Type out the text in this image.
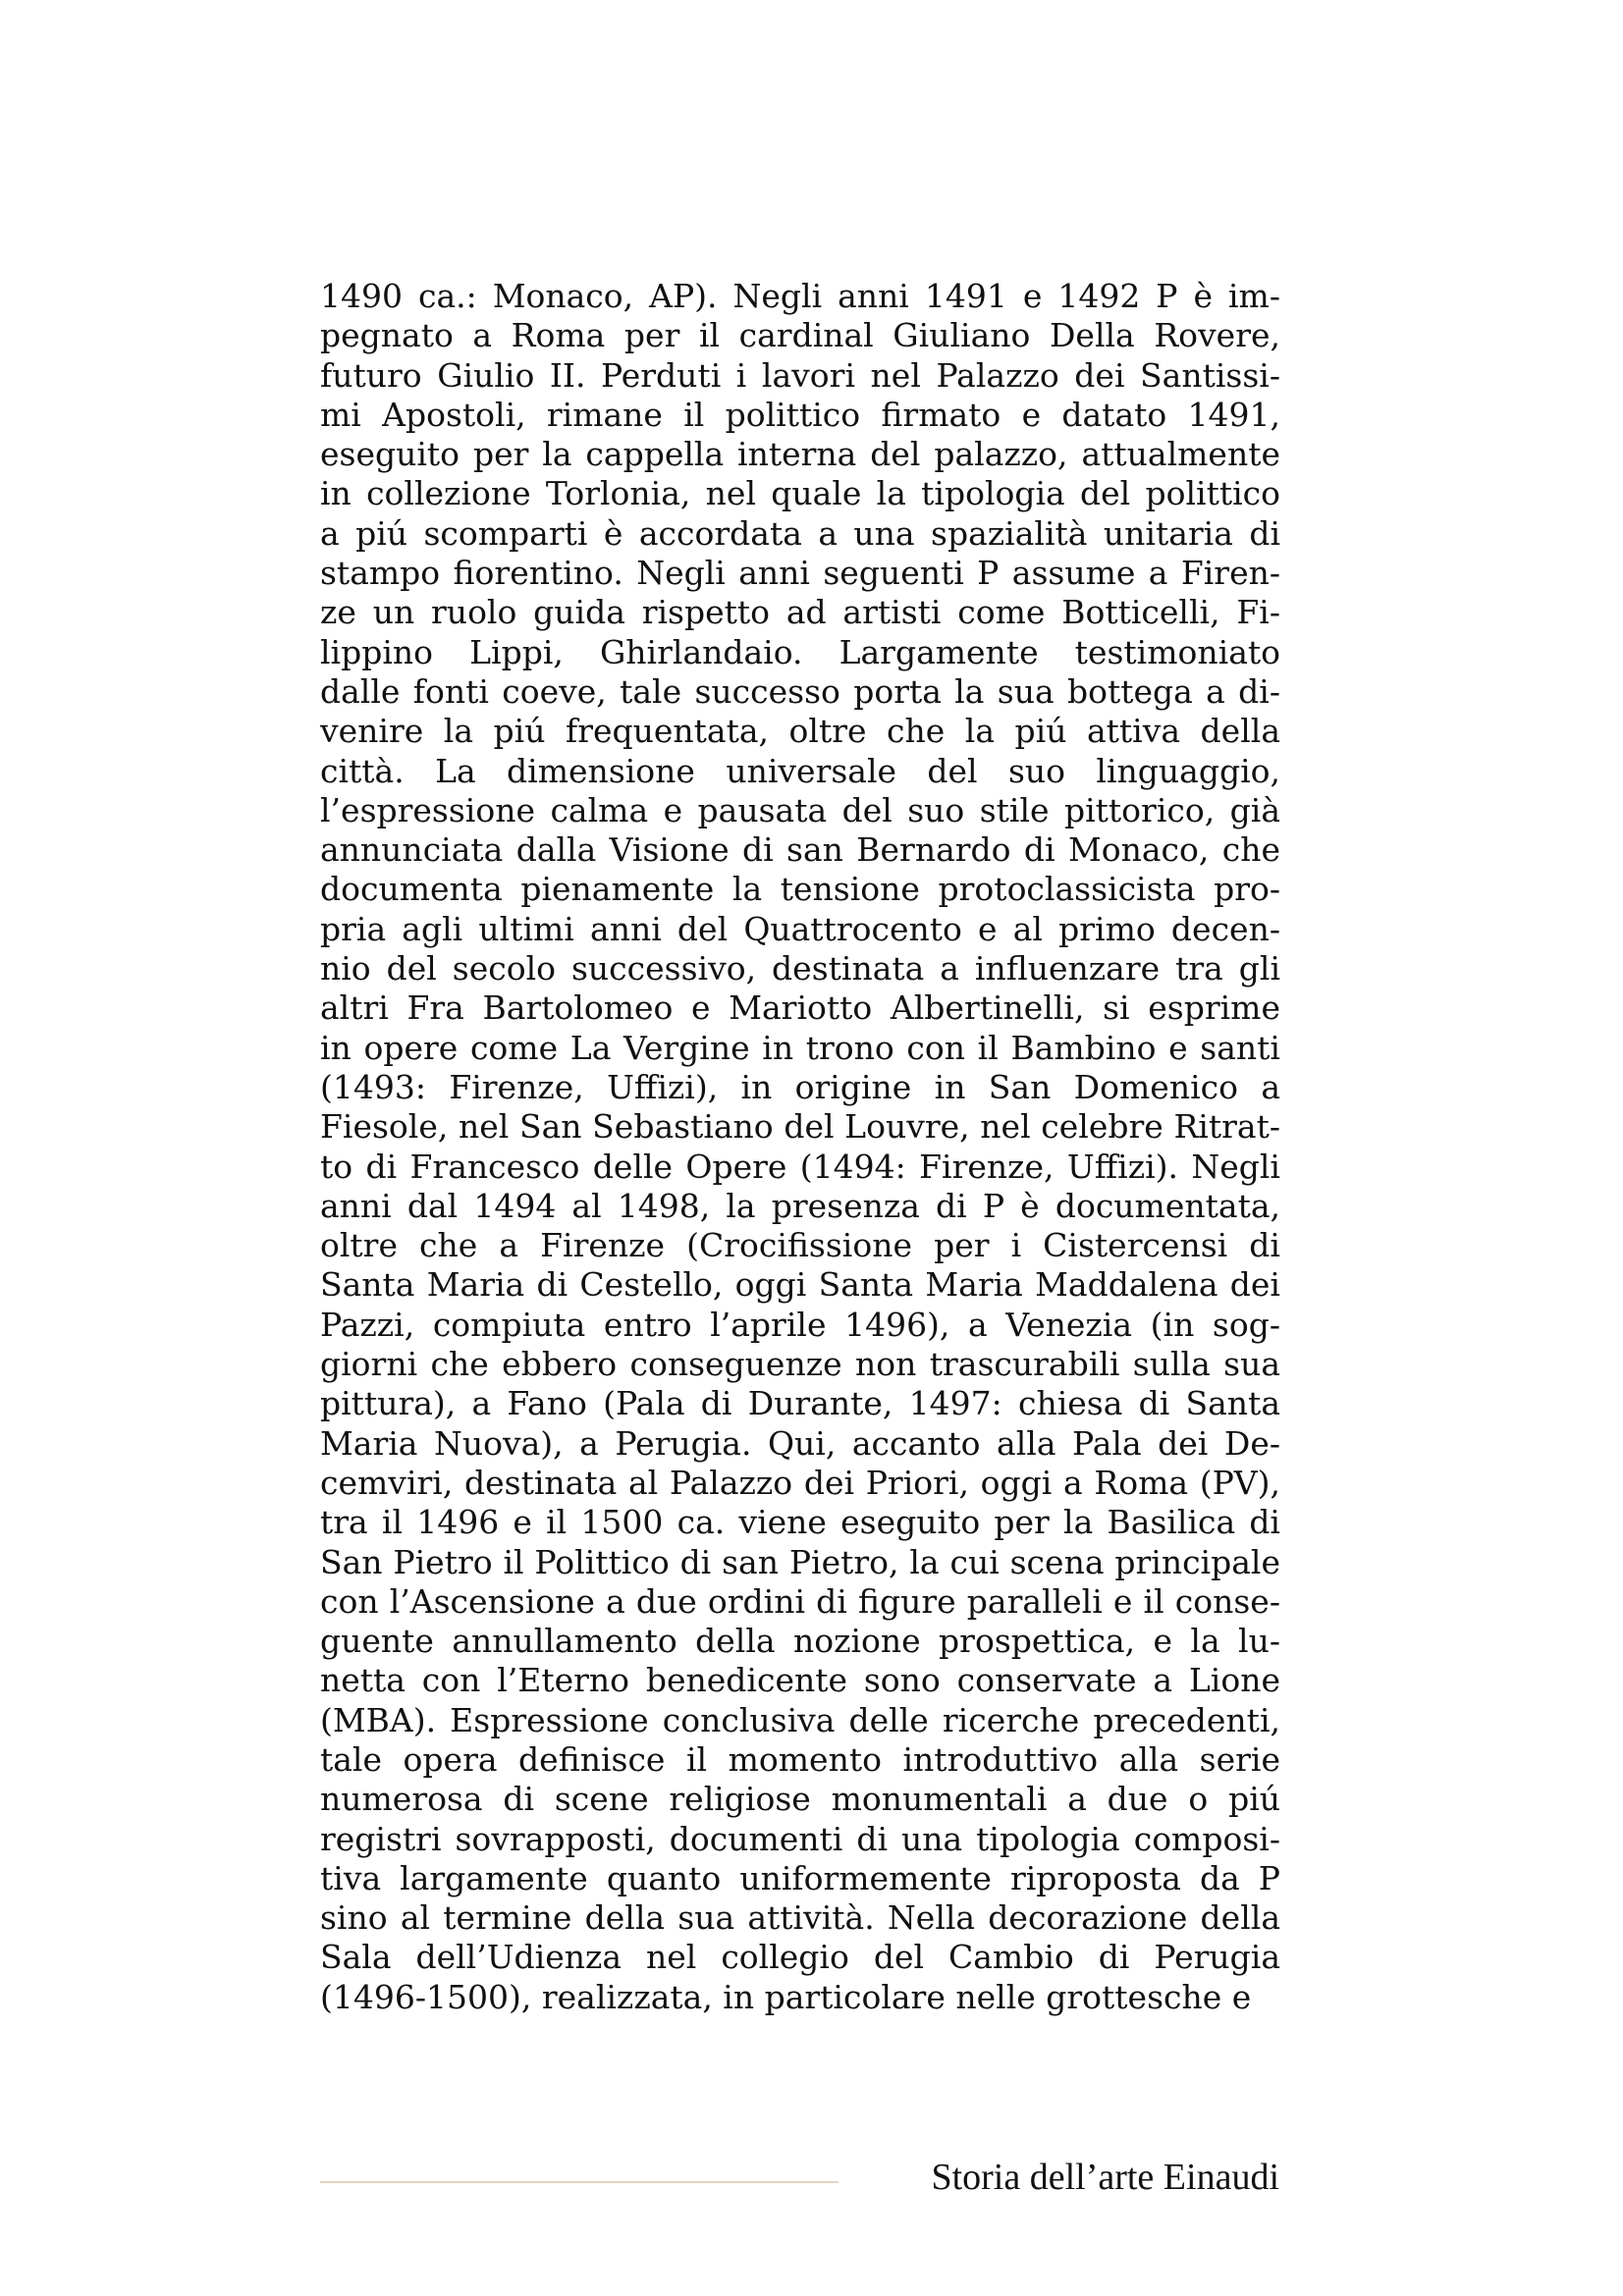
1490 ca.: Monaco, AP). Negli anni 1491 e 1492 P è im-
pegnato a Roma per il cardinal Giuliano Della Rovere,
futuro Giulio II. Perduti i lavori nel Palazzo dei Santissi-
mi Apostoli, rimane il polittico firmato e datato 1491,
eseguito per la cappella interna del palazzo, attualmente
in collezione Torlonia, nel quale la tipologia del polittico
a piú scomparti è accordata a una spazialità unitaria di
stampo fiorentino. Negli anni seguenti P assume a Firen-
ze un ruolo guida rispetto ad artisti come Botticelli, Fi-
lippino Lippi, Ghirlandaio. Largamente testimoniato
dalle fonti coeve, tale successo porta la sua bottega a di-
venire la piú frequentata, oltre che la piú attiva della
città. La dimensione universale del suo linguaggio,
l’espressione calma e pausata del suo stile pittorico, già
annunciata dalla Visione di san Bernardo di Monaco, che
documenta pienamente la tensione protoclassicista pro-
pria agli ultimi anni del Quattrocento e al primo decen-
nio del secolo successivo, destinata a influenzare tra gli
altri Fra Bartolomeo e Mariotto Albertinelli, si esprime
in opere come La Vergine in trono con il Bambino e santi
(1493: Firenze, Uffizi), in origine in San Domenico a
Fiesole, nel San Sebastiano del Louvre, nel celebre Ritrat-
to di Francesco delle Opere (1494: Firenze, Uffizi). Negli
anni dal 1494 al 1498, la presenza di P è documentata,
oltre che a Firenze (Crocifissione per i Cistercensi di
Santa Maria di Cestello, oggi Santa Maria Maddalena dei
Pazzi, compiuta entro l’aprile 1496), a Venezia (in sog-
giorni che ebbero conseguenze non trascurabili sulla sua
pittura), a Fano (Pala di Durante, 1497: chiesa di Santa
Maria Nuova), a Perugia. Qui, accanto alla Pala dei De-
cemviri, destinata al Palazzo dei Priori, oggi a Roma (PV),
tra il 1496 e il 1500 ca. viene eseguito per la Basilica di
San Pietro il Polittico di san Pietro, la cui scena principale
con l’Ascensione a due ordini di figure paralleli e il conse-
guente annullamento della nozione prospettica, e la lu-
netta con l’Eterno benedicente sono conservate a Lione
(MBA). Espressione conclusiva delle ricerche precedenti,
tale opera definisce il momento introduttivo alla serie
numerosa di scene religiose monumentali a due o piú
registri sovrapposti, documenti di una tipologia composi-
tiva largamente quanto uniformemente riproposta da P
sino al termine della sua attività. Nella decorazione della
Sala dell’Udienza nel collegio del Cambio di Perugia
(1496-1500), realizzata, in particolare nelle grottesche e
Storia dell’arte Einaudi
